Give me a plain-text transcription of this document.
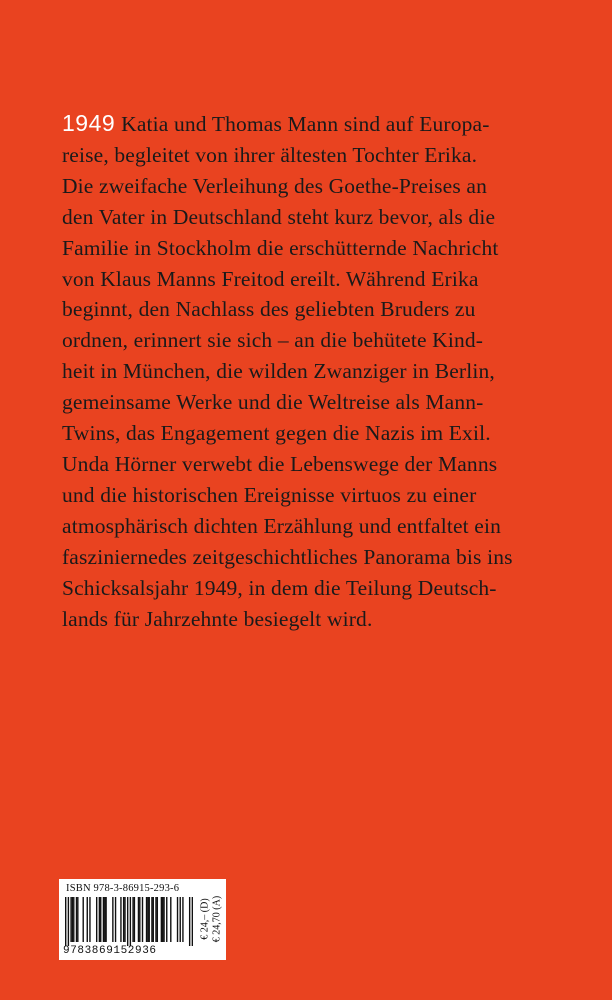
1949 Katia und Thomas Mann sind auf Europa-
reise, begleitet von ihrer ältesten Tochter Erika.
Die zweifache Verleihung des Goethe-Preises an
den Vater in Deutschland steht kurz bevor, als die
Familie in Stockholm die erschütternde Nachricht
von Klaus Manns Freitod ereilt. Während Erika
beginnt, den Nachlass des geliebten Bruders zu
ordnen, erinnert sie sich – an die behütete Kind-
heit in München, die wilden Zwanziger in Berlin,
gemeinsame Werke und die Weltreise als Mann-
Twins, das Engagement gegen die Nazis im Exil.
Unda Hörner verwebt die Lebenswege der Manns
und die historischen Ereignisse virtuos zu einer
atmosphärisch dichten Erzählung und entfaltet ein
fasziniernedes zeitgeschichtliches Panorama bis ins
Schicksalsjahr 1949, in dem die Teilung Deutsch-
lands für Jahrzehnte besiegelt wird.
ISBN 978-3-86915-293-6
9783869152936
€ 24,– (D) € 24,70 (A)
